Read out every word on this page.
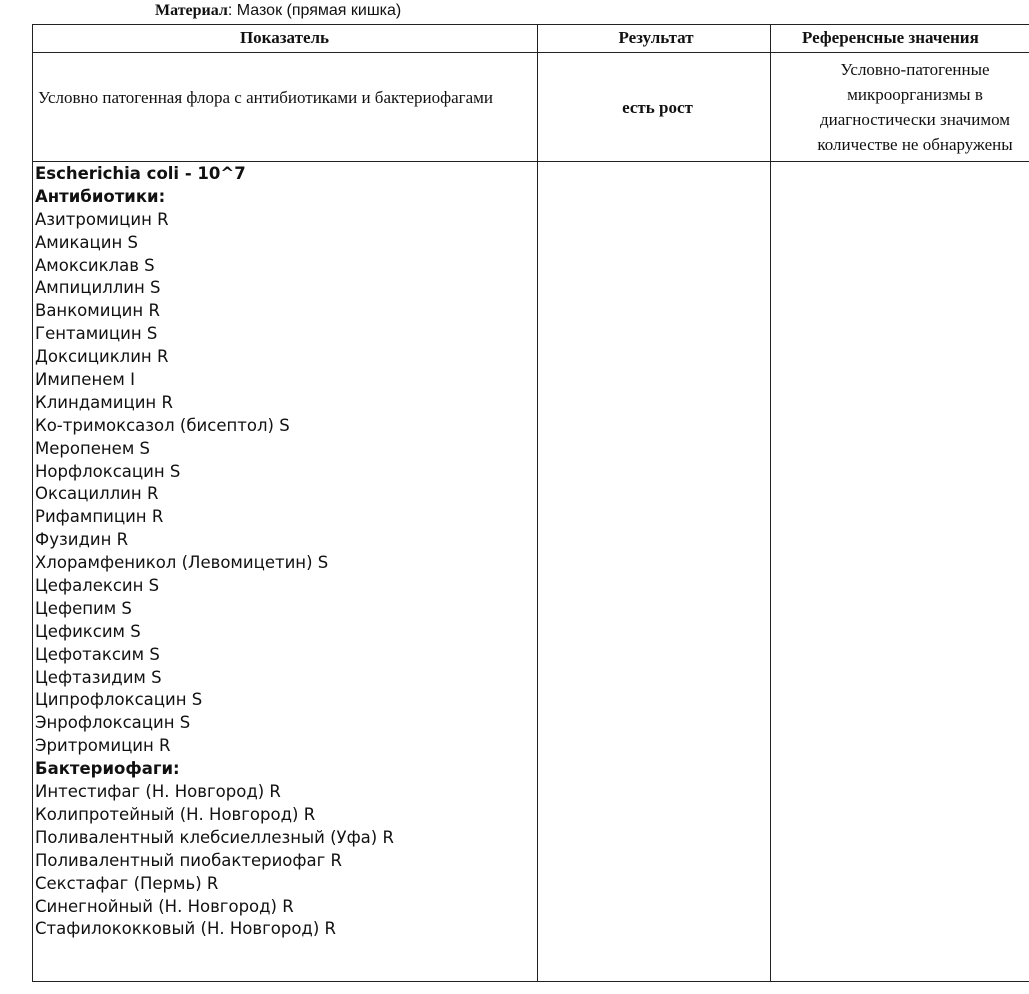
Материал: Мазок (прямая кишка)
Показатель	Результат	Референсные значения
Условно патогенная флора с антибиотиками и бактериофагами
есть рост
Условно-патогенные
микроорганизмы в
диагностически значимом
количестве не обнаружены
Escherichia coli - 10^7
Антибиотики:
Азитромицин R
Амикацин S
Амоксиклав S
Ампициллин S
Ванкомицин R
Гентамицин S
Доксициклин R
Имипенем I
Клиндамицин R
Ко-тримоксазол (бисептол) S
Меропенем S
Норфлоксацин S
Оксациллин R
Рифампицин R
Фузидин R
Хлорамфеникол (Левомицетин) S
Цефалексин S
Цефепим S
Цефиксим S
Цефотаксим S
Цефтазидим S
Ципрофлоксацин S
Энрофлоксацин S
Эритромицин R
Бактериофаги:
Интестифаг (Н. Новгород) R
Колипротейный (Н. Новгород) R
Поливалентный клебсиеллезный (Уфа) R
Поливалентный пиобактериофаг R
Секстафаг (Пермь) R
Синегнойный (Н. Новгород) R
Стафилококковый (Н. Новгород) R
